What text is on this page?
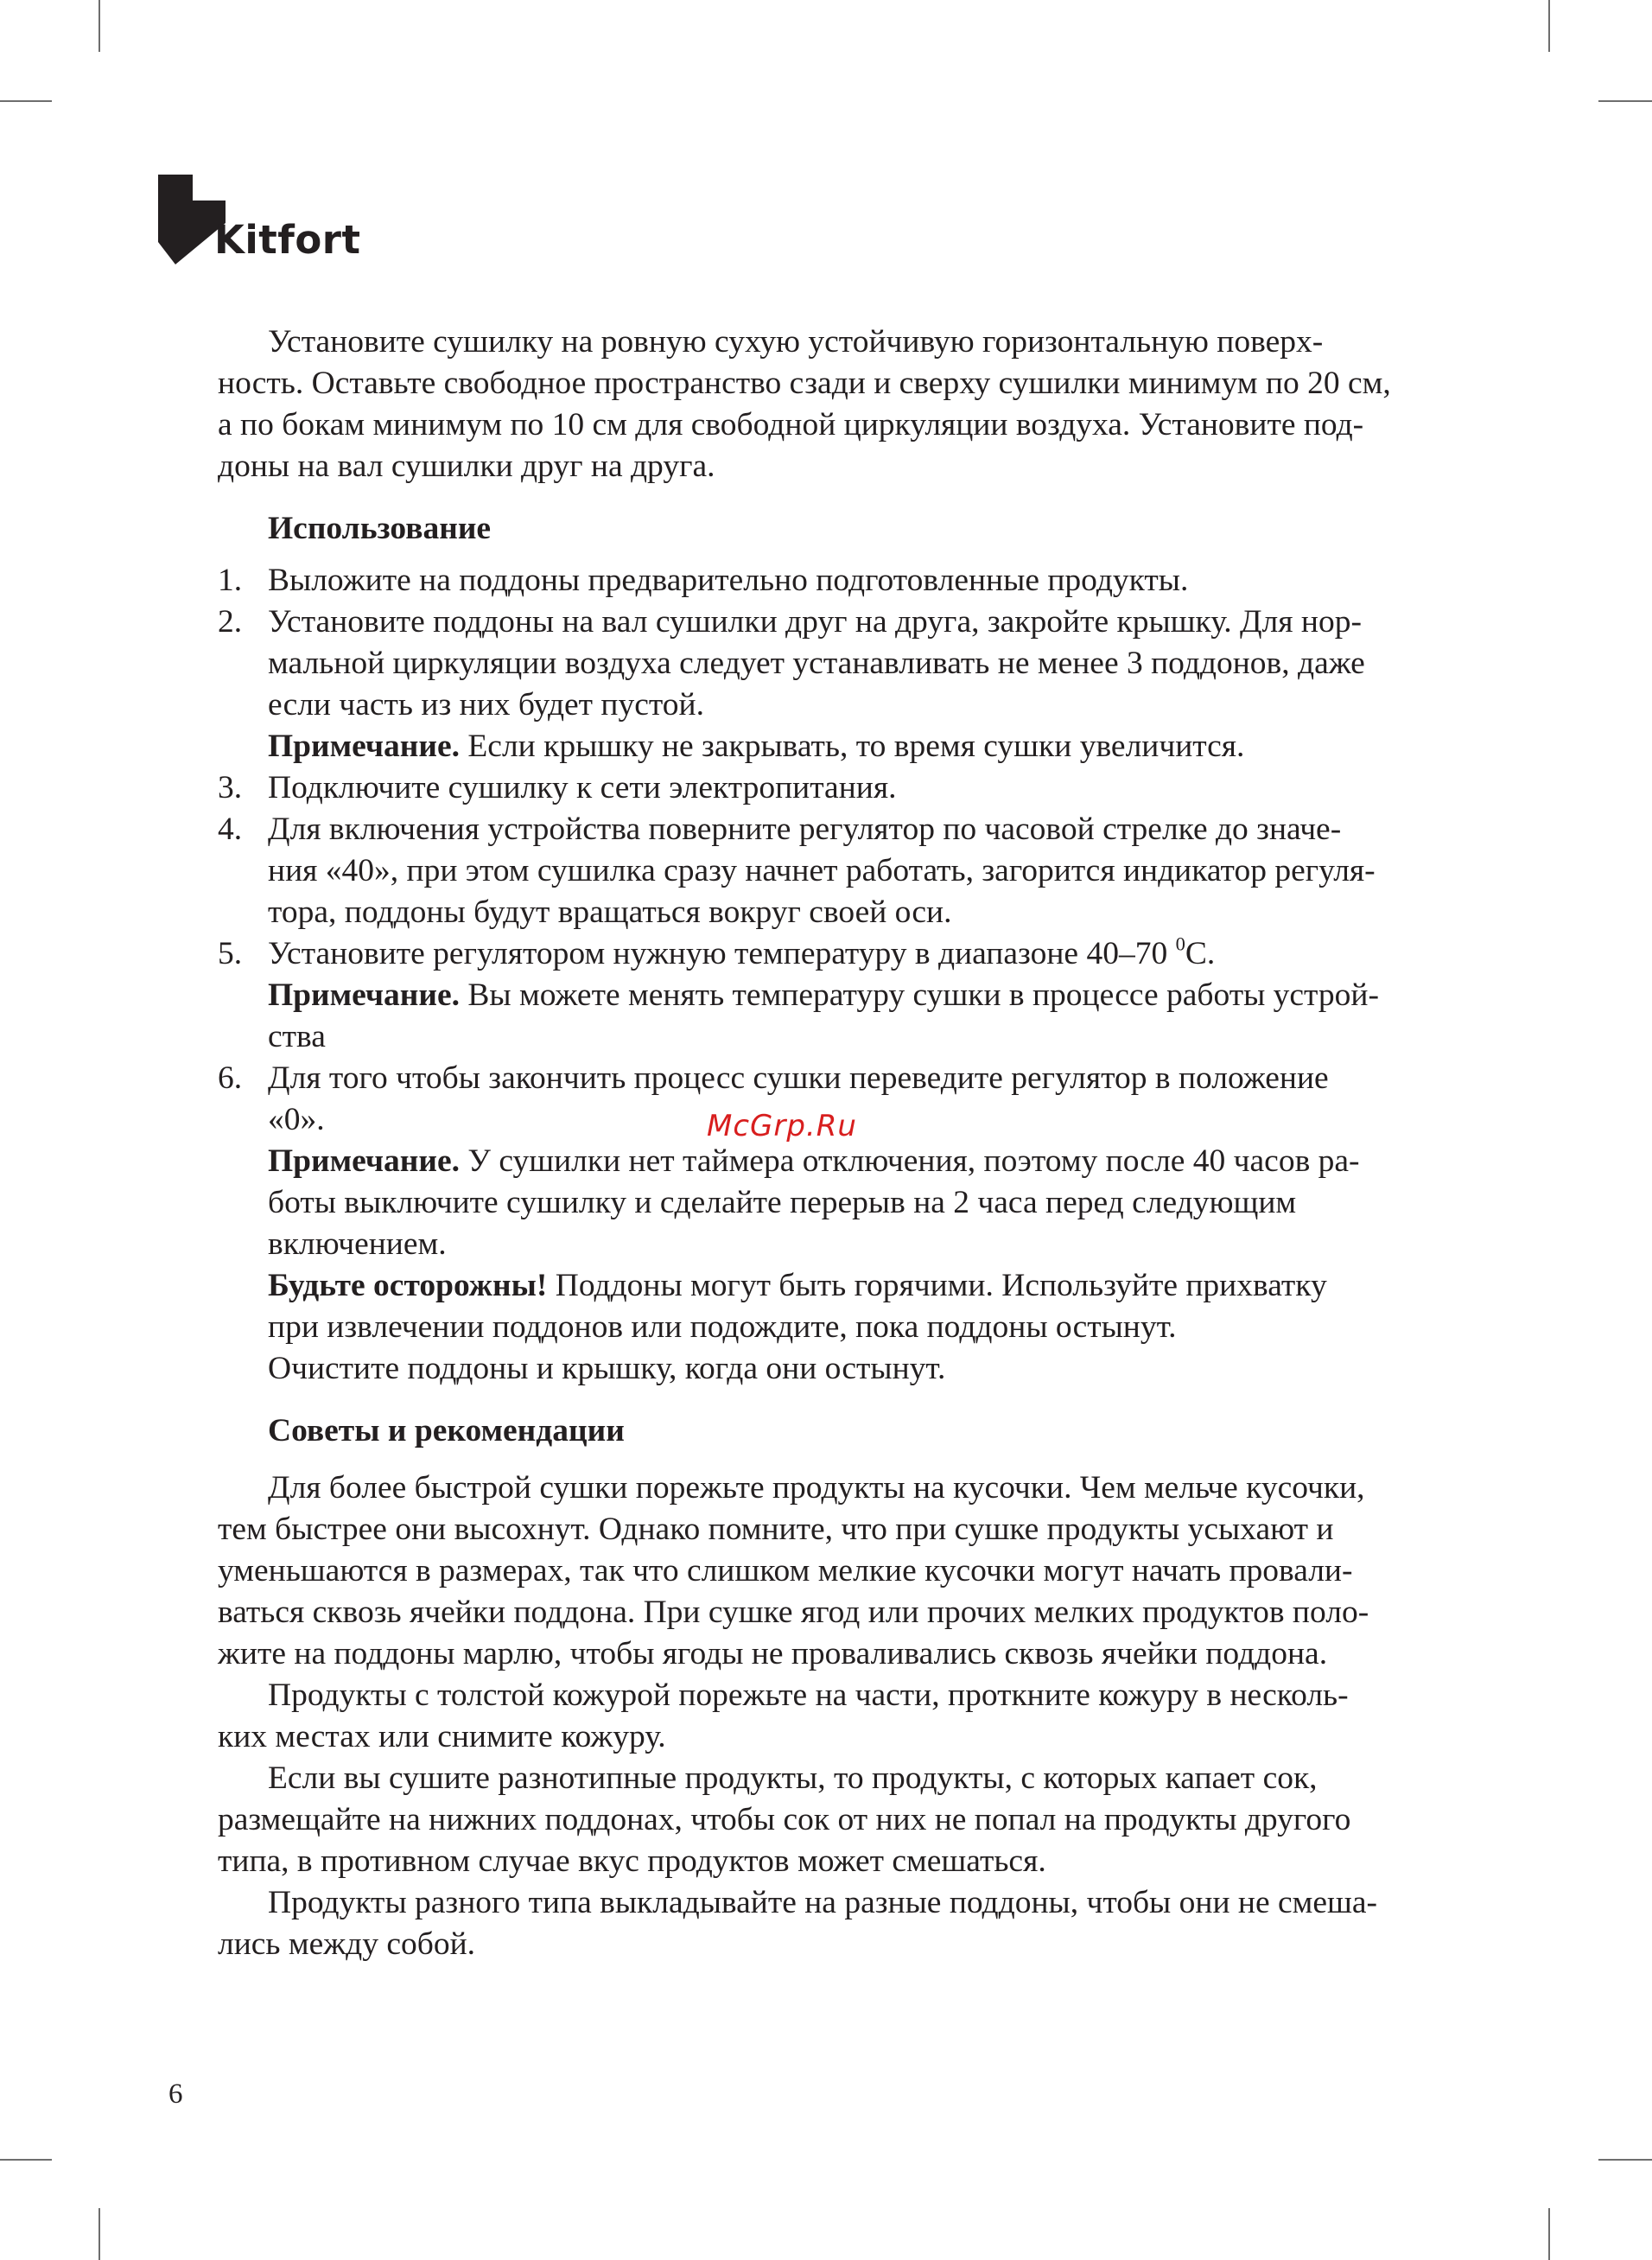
Kitfort

Установите сушилку на ровную сухую устойчивую горизонтальную поверх-

ность. Оставьте свободное пространство сзади и сверху сушилки минимум по 20 см,

а по бокам минимум по 10 см для свободной циркуляции воздуха. Установите под-

доны на вал сушилки друг на друга.

Использование

1. Выложите на поддоны предварительно подготовленные продукты.

2. Установите поддоны на вал сушилки друг на друга, закройте крышку. Для нор-

мальной циркуляции воздуха следует устанавливать не менее 3 поддонов, даже

если часть из них будет пустой.

Примечание. Если крышку не закрывать, то время сушки увеличится.

3. Подключите сушилку к сети электропитания.

4. Для включения устройства поверните регулятор по часовой стрелке до значе-

ния «40», при этом сушилка сразу начнет работать, загорится индикатор регуля-

тора, поддоны будут вращаться вокруг своей оси.

5. Установите регулятором нужную температуру в диапазоне 40–70 $^0$С.

Примечание. Вы можете менять температуру сушки в процессе работы устрой-

ства

6. Для того чтобы закончить процесс сушки переведите регулятор в положение

«0».

Примечание. У сушилки нет таймера отключения, поэтому после 40 часов ра-

боты выключите сушилку и сделайте перерыв на 2 часа перед следующим

включением.

Будьте осторожны! Поддоны могут быть горячими. Используйте прихватку

при извлечении поддонов или подождите, пока поддоны остынут.

Очистите поддоны и крышку, когда они остынут.

Советы и рекомендации

Для более быстрой сушки порежьте продукты на кусочки. Чем мельче кусочки,

тем быстрее они высохнут. Однако помните, что при сушке продукты усыхают и

уменьшаются в размерах, так что слишком мелкие кусочки могут начать провали-

ваться сквозь ячейки поддона. При сушке ягод или прочих мелких продуктов поло-

жите на поддоны марлю, чтобы ягоды не проваливались сквозь ячейки поддона.

Продукты с толстой кожурой порежьте на части, проткните кожуру в несколь-

ких местах или снимите кожуру.

Если вы сушите разнотипные продукты, то продукты, с которых капает сок,

размещайте на нижних поддонах, чтобы сок от них не попал на продукты другого

типа, в противном случае вкус продуктов может смешаться.

Продукты разного типа выкладывайте на разные поддоны, чтобы они не смеша-

лись между собой.

McGrp.Ru
6
